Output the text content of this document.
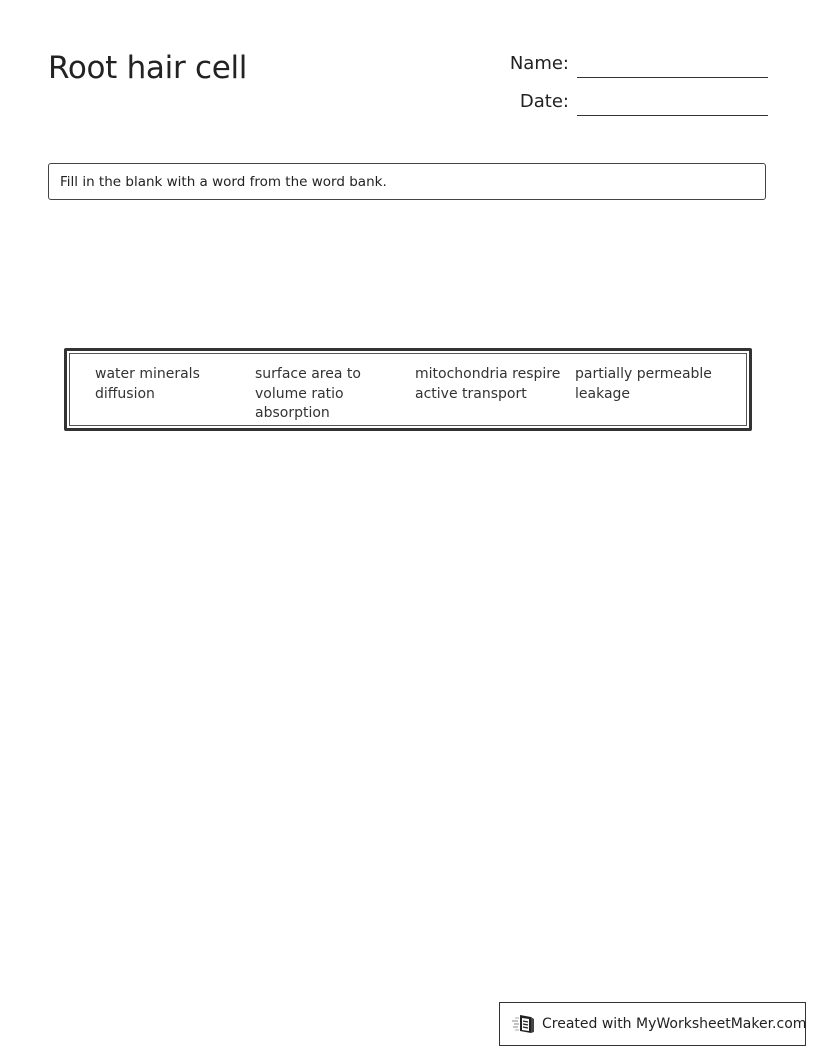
Root hair cell	Name:
Date:
Fill in the blank with a word from the word bank.
water minerals
diffusion
surface area to
volume ratio
absorption
mitochondria respire
active transport
partially permeable
leakage
Created with MyWorksheetMaker.com
